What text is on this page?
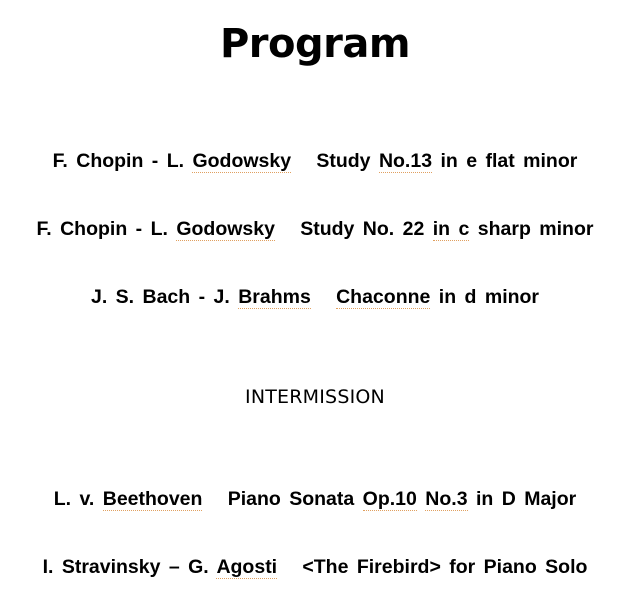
Program
F. Chopin - L. Godowsky Study No.13 in e flat minor
F. Chopin - L. Godowsky Study No. 22 in c sharp minor
J. S. Bach - J. Brahms Chaconne in d minor
INTERMISSION
L. v. Beethoven Piano Sonata Op.10 No.3 in D Major
I. Stravinsky – G. Agosti <The Firebird> for Piano Solo
